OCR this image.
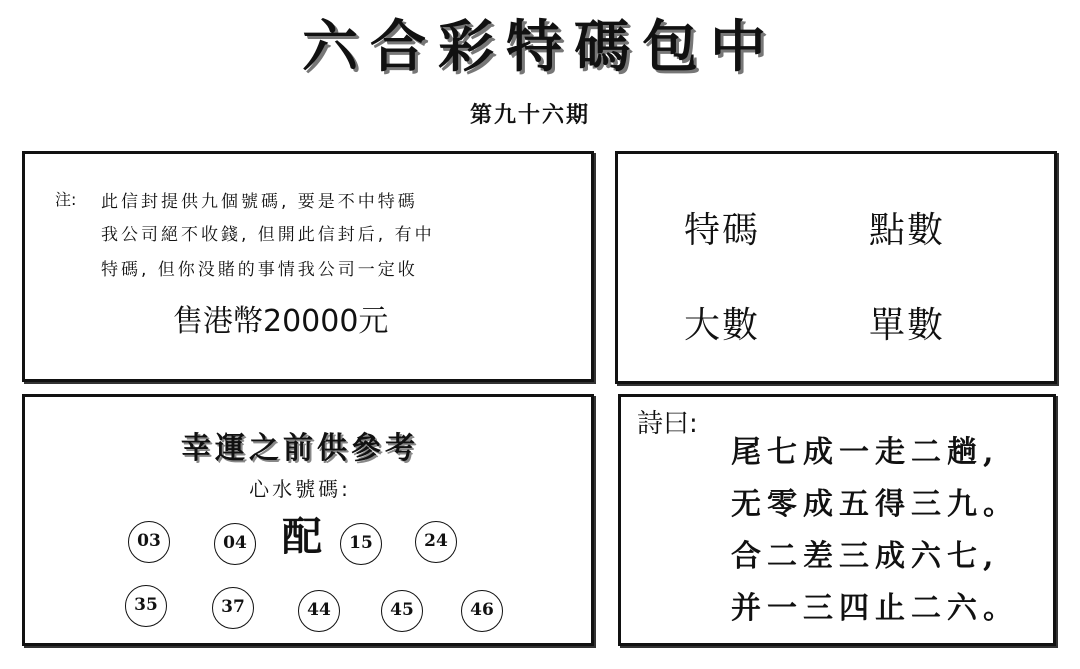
六合彩特碼包中
第九十六期
注: 此信封提供九個號碼, 要是不中特碼
我公司絕不收錢, 但開此信封后, 有中
特碼, 但你没賭的事情我公司一定收
售港幣20000元
特碼	點數
大數	單數
幸運之前供參考
心水號碼:
配
03	04	15	24
35	37	44	45	46
詩曰:
尾七成一走二趟,
无零成五得三九。
合二差三成六七,
并一三四止二六。
